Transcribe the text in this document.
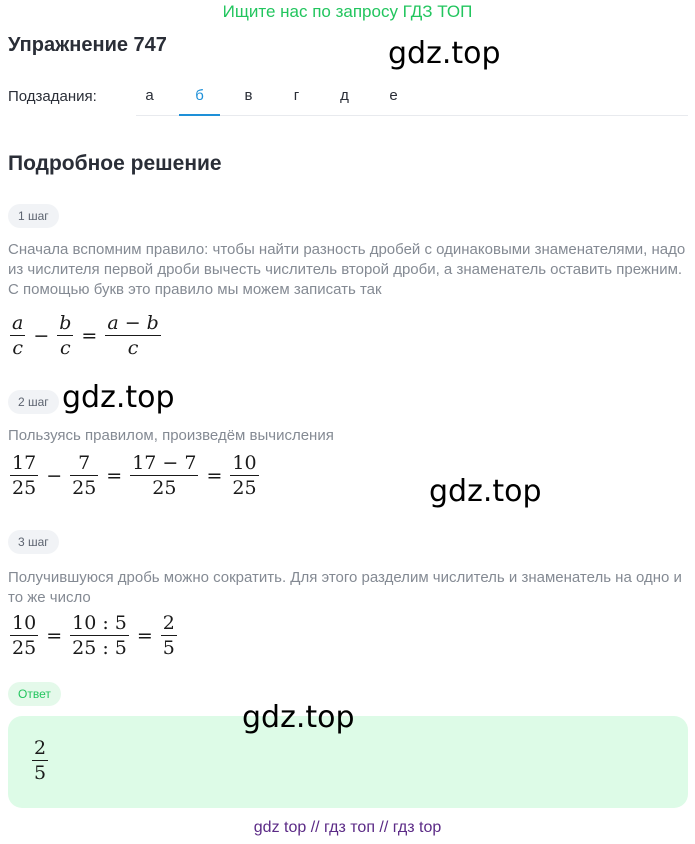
Ищите нас по запросу ГДЗ ТОП
Упражнение 747
Подзадания:	а	б	в	г	д	е
Подробное решение
1 шаг

Сначала вспомним правило: чтобы найти разность дробей с одинаковыми знаменателями, надо из числителя первой дроби вычесть числитель второй дроби, а знаменатель оставить прежним. С помощью букв это правило мы можем записать так

$\frac{a}{c} - \frac{b}{c} = \frac{a - b}{c}$
2 шаг

Пользуясь правилом, произведём вычисления

$\frac{17}{25} - \frac{7}{25} = \frac{17 - 7}{25} = \frac{10}{25}$
3 шаг

Получившуюся дробь можно сократить. Для этого разделим числитель и знаменатель на одно и то же число

$\frac{10}{25} = \frac{10 : 5}{25 : 5} = \frac{2}{5}$
Ответ
$\frac{2}{5}$
gdz.top
gdz.top
gdz.top
gdz.top
gdz top // гдз топ // гдз top
